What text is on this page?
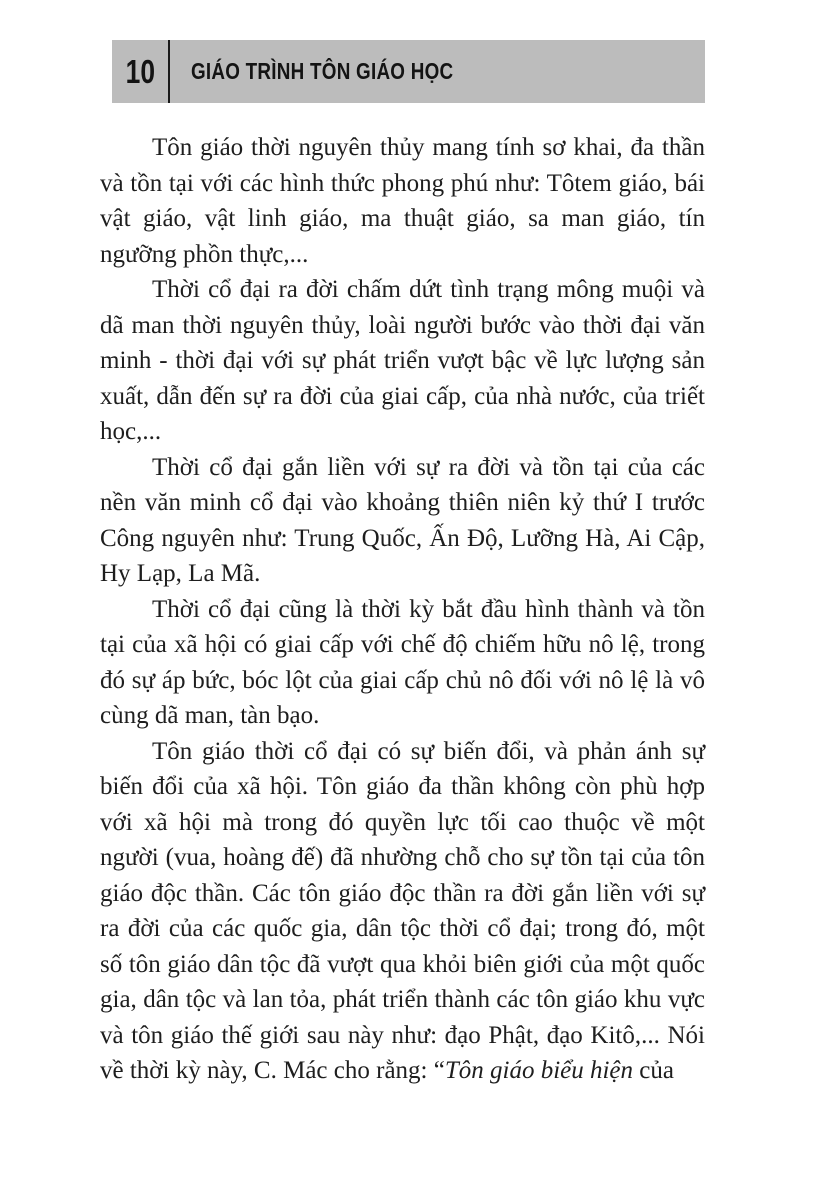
10 GIÁO TRÌNH TÔN GIÁO HỌC

Tôn giáo thời nguyên thủy mang tính sơ khai, đa thần và tồn tại với các hình thức phong phú như: Tôtem giáo, bái vật giáo, vật linh giáo, ma thuật giáo, sa man giáo, tín ngưỡng phồn thực,...

Thời cổ đại ra đời chấm dứt tình trạng mông muội và dã man thời nguyên thủy, loài người bước vào thời đại văn minh - thời đại với sự phát triển vượt bậc về lực lượng sản xuất, dẫn đến sự ra đời của giai cấp, của nhà nước, của triết học,...

Thời cổ đại gắn liền với sự ra đời và tồn tại của các nền văn minh cổ đại vào khoảng thiên niên kỷ thứ I trước Công nguyên như: Trung Quốc, Ấn Độ, Lưỡng Hà, Ai Cập, Hy Lạp, La Mã.

Thời cổ đại cũng là thời kỳ bắt đầu hình thành và tồn tại của xã hội có giai cấp với chế độ chiếm hữu nô lệ, trong đó sự áp bức, bóc lột của giai cấp chủ nô đối với nô lệ là vô cùng dã man, tàn bạo.

Tôn giáo thời cổ đại có sự biến đổi, và phản ánh sự biến đổi của xã hội. Tôn giáo đa thần không còn phù hợp với xã hội mà trong đó quyền lực tối cao thuộc về một người (vua, hoàng đế) đã nhường chỗ cho sự tồn tại của tôn giáo độc thần. Các tôn giáo độc thần ra đời gắn liền với sự ra đời của các quốc gia, dân tộc thời cổ đại; trong đó, một số tôn giáo dân tộc đã vượt qua khỏi biên giới của một quốc gia, dân tộc và lan tỏa, phát triển thành các tôn giáo khu vực và tôn giáo thế giới sau này như: đạo Phật, đạo Kitô,... Nói về thời kỳ này, C. Mác cho rằng: “Tôn giáo biểu hiện của
